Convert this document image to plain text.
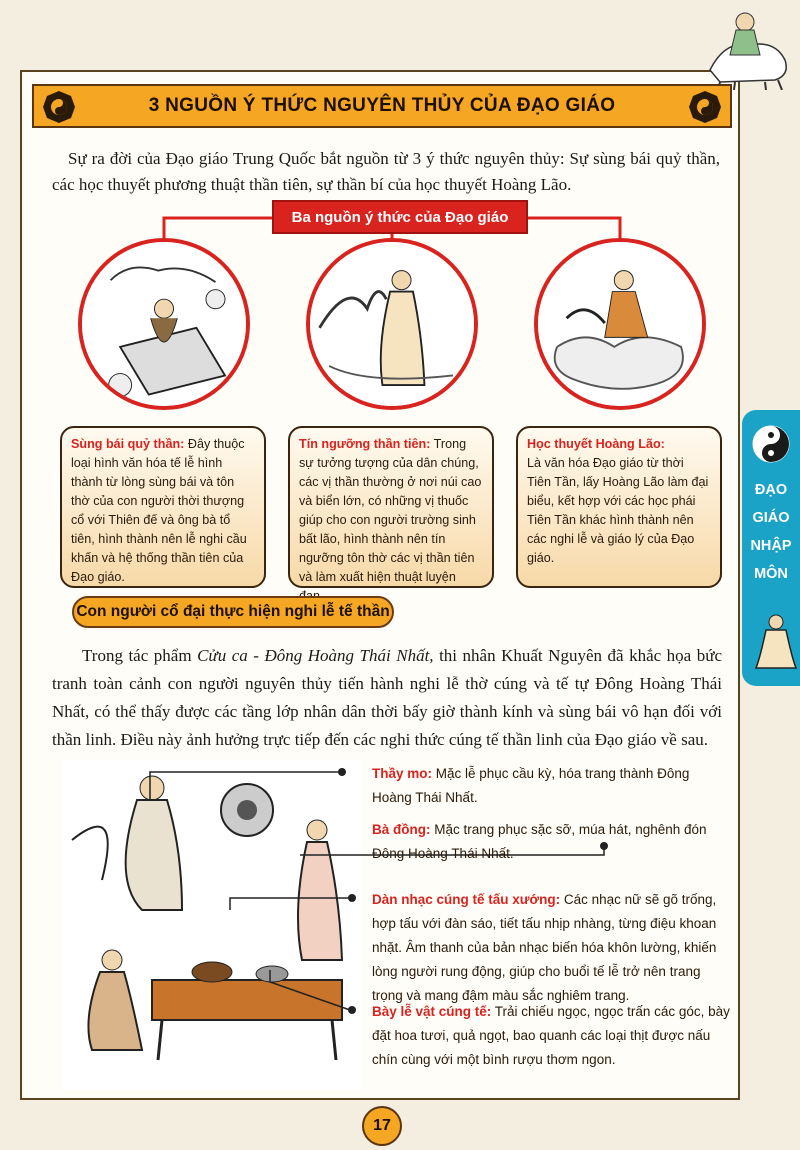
3 NGUỒN Ý THỨC NGUYÊN THỦY CỦA ĐẠO GIÁO

Sự ra đời của Đạo giáo Trung Quốc bắt nguồn từ 3 ý thức nguyên thủy: Sự sùng bái quỷ thần, các học thuyết phương thuật thần tiên, sự thần bí của học thuyết Hoàng Lão.

Ba nguồn ý thức của Đạo giáo
Sùng bái quỷ thần: Đây thuộc loại hình văn hóa tế lễ hình thành từ lòng sùng bái và tôn thờ của con người thời thượng cổ với Thiên đế và ông bà tổ tiên, hình thành nên lễ nghi cầu khấn và hệ thống thần tiên của Đạo giáo.
Tín ngưỡng thần tiên: Trong sự tưởng tượng của dân chúng, các vị thần thường ở nơi núi cao và biển lớn, có những vị thuốc giúp cho con người trường sinh bất lão, hình thành nên tín ngưỡng tôn thờ các vị thần tiên và làm xuất hiện thuật luyện
Học thuyết Hoàng Lão:
Là văn hóa Đạo giáo từ thời Tiên Tần, lấy Hoàng Lão làm đại biểu, kết hợp với các học phái Tiên Tần khác hình thành nên các nghi lễ và giáo lý của Đạo giáo.
Con người cổ đại thực hiện nghi lễ tế thần

Trong tác phẩm Cửu ca - Đông Hoàng Thái Nhất, thi nhân Khuất Nguyên đã khắc họa bức tranh toàn cảnh con người nguyên thủy tiến hành nghi lễ thờ cúng và tế tự Đông Hoàng Thái Nhất, có thể thấy được các tầng lớp nhân dân thời bấy giờ thành kính và sùng bái vô hạn đối với thần linh. Điều này ảnh hưởng trực tiếp đến các nghi thức cúng tế thần linh của Đạo giáo về sau.

Thầy mo: Mặc lễ phục cầu kỳ, hóa trang thành Đông Hoàng Thái Nhất.
Bà đồng: Mặc trang phục sặc sỡ, múa hát, nghênh đón Đông Hoàng Thái Nhất.
Dàn nhạc cúng tế tấu xướng: Các nhạc nữ sẽ gõ trống, hợp tấu với đàn sáo, tiết tấu nhịp nhàng, từng điệu khoan nhặt. Âm thanh của bản nhạc biến hóa khôn lường, khiến lòng người rung động, giúp cho buổi tế lễ trở nên trang trọng và mang đậm màu sắc nghiêm trang.
Bày lễ vật cúng tế: Trải chiếu ngọc, ngọc trấn các góc, bày đặt hoa tươi, quả ngọt, bao quanh các loại thịt được nấu chín cùng với một bình rượu thơm ngon.
ĐẠO
GIÁO
NHẬP
MÔN
17
